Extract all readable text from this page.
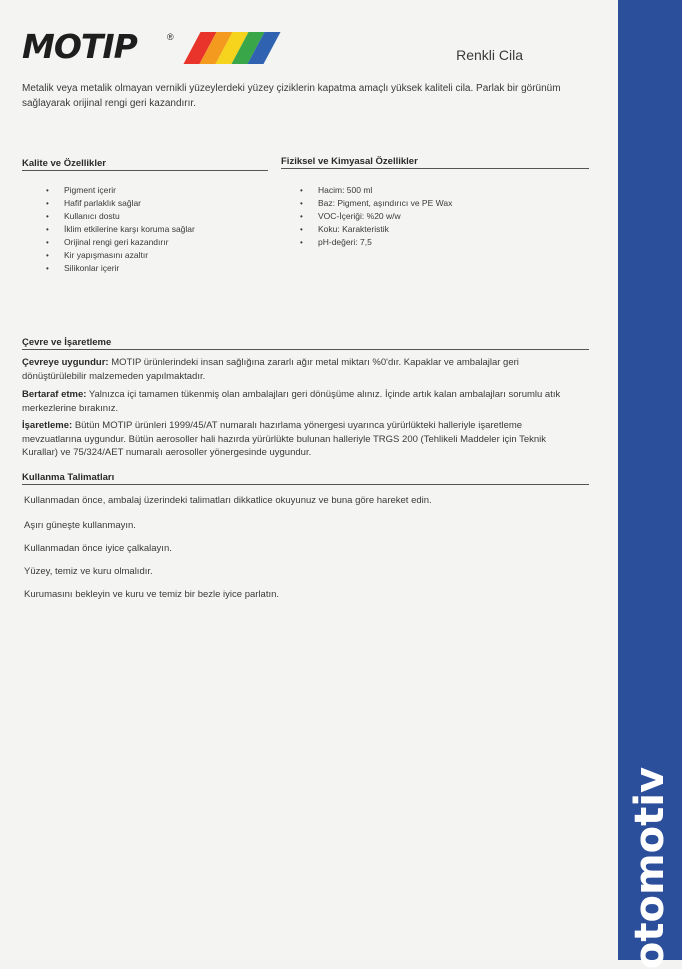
MOTIP	®
Renkli Cila
Metalik veya metalik olmayan vernikli yüzeylerdeki yüzey çiziklerin kapatma amaçlı yüksek kaliteli cila. Parlak bir görünüm sağlayarak orijinal rengi geri kazandırır.
Kalite ve Özellikler
• Pigment içerir
• Hafif parlaklık sağlar
• Kullanıcı dostu
• İklim etkilerine karşı koruma sağlar
• Orijinal rengi geri kazandırır
• Kir yapışmasını azaltır
• Silikonlar içerir
Fiziksel ve Kimyasal Özellikler
• Hacim: 500 ml
• Baz: Pigment, aşındırıcı ve PE Wax
• VOC-İçeriği: %20 w/w
• Koku: Karakteristik
• pH-değeri: 7,5
Çevre ve İşaretleme

Çevreye uygundur: MOTIP ürünlerindeki insan sağlığına zararlı ağır metal miktarı %0'dır. Kapaklar ve ambalajlar geri dönüştürülebilir malzemeden yapılmaktadır.

Bertaraf etme: Yalnızca içi tamamen tükenmiş olan ambalajları geri dönüşüme alınız. İçinde artık kalan ambalajları sorumlu atık merkezlerine bırakınız.

İşaretleme: Bütün MOTIP ürünleri 1999/45/AT numaralı hazırlama yönergesi uyarınca yürürlükteki halleriyle işaretleme mevzuatlarına uygundur. Bütün aerosoller hali hazırda yürürlükte bulunan halleriyle TRGS 200 (Tehlikeli Maddeler için Teknik Kurallar) ve 75/324/AET numaralı aerosoller yönergesinde uygundur.

Kullanma Talimatları

Kullanmadan önce, ambalaj üzerindeki talimatları dikkatlice okuyunuz ve buna göre hareket edin.

Aşırı güneşte kullanmayın.

Kullanmadan önce iyice çalkalayın.

Yüzey, temiz ve kuru olmalıdır.

Kurumasını bekleyin ve kuru ve temiz bir bezle iyice parlatın.

otomotiv
